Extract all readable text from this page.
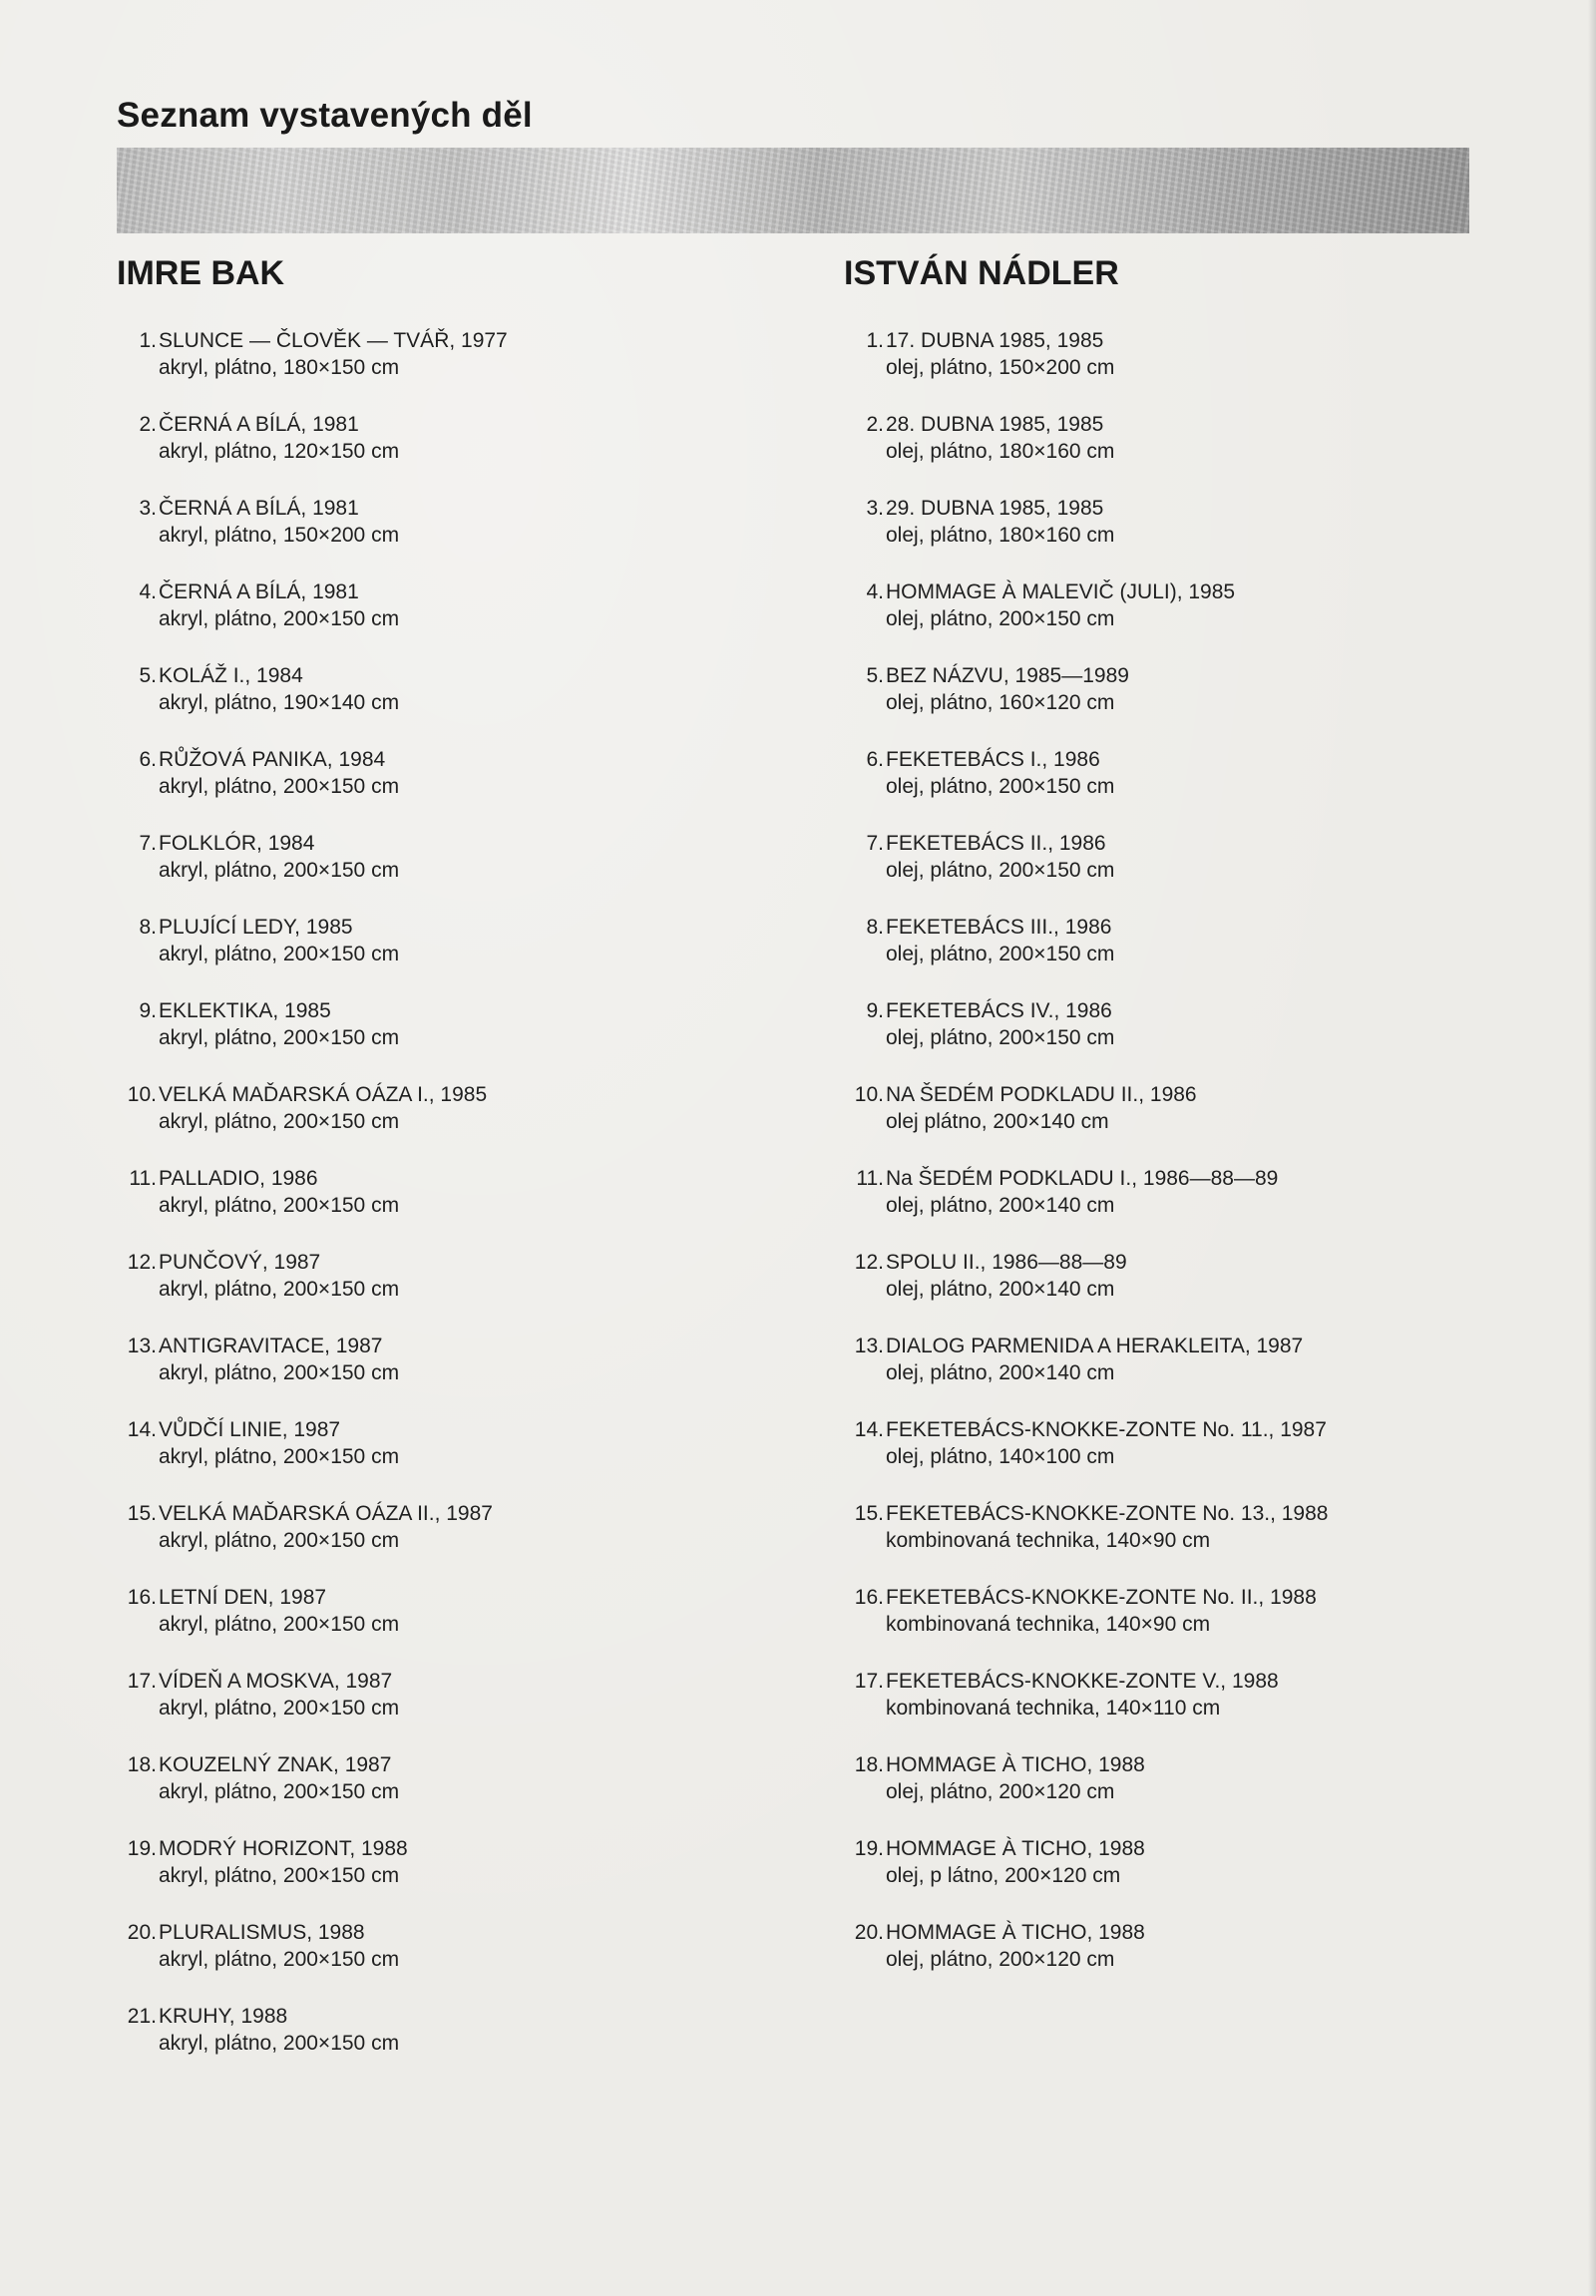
Seznam vystavených děl
IMRE BAK
1. SLUNCE — ČLOVĚK — TVÁŘ, 1977
akryl, plátno, 180×150 cm
2. ČERNÁ A BÍLÁ, 1981
akryl, plátno, 120×150 cm
3. ČERNÁ A BÍLÁ, 1981
akryl, plátno, 150×200 cm
4. ČERNÁ A BÍLÁ, 1981
akryl, plátno, 200×150 cm
5. KOLÁŽ I., 1984
akryl, plátno, 190×140 cm
6. RŮŽOVÁ PANIKA, 1984
akryl, plátno, 200×150 cm
7. FOLKLÓR, 1984
akryl, plátno, 200×150 cm
8. PLUJÍCÍ LEDY, 1985
akryl, plátno, 200×150 cm
9. EKLEKTIKA, 1985
akryl, plátno, 200×150 cm
10. VELKÁ MAĎARSKÁ OÁZA I., 1985
akryl, plátno, 200×150 cm
11. PALLADIO, 1986
akryl, plátno, 200×150 cm
12. PUNČOVÝ, 1987
akryl, plátno, 200×150 cm
13. ANTIGRAVITACE, 1987
akryl, plátno, 200×150 cm
14. VŮDČÍ LINIE, 1987
akryl, plátno, 200×150 cm
15. VELKÁ MAĎARSKÁ OÁZA II., 1987
akryl, plátno, 200×150 cm
16. LETNÍ DEN, 1987
akryl, plátno, 200×150 cm
17. VÍDEŇ A MOSKVA, 1987
akryl, plátno, 200×150 cm
18. KOUZELNÝ ZNAK, 1987
akryl, plátno, 200×150 cm
19. MODRÝ HORIZONT, 1988
akryl, plátno, 200×150 cm
20. PLURALISMUS, 1988
akryl, plátno, 200×150 cm
21. KRUHY, 1988
akryl, plátno, 200×150 cm
ISTVÁN NÁDLER
1. 17. DUBNA 1985, 1985
olej, plátno, 150×200 cm
2. 28. DUBNA 1985, 1985
olej, plátno, 180×160 cm
3. 29. DUBNA 1985, 1985
olej, plátno, 180×160 cm
4. HOMMAGE À MALEVIČ (JULI), 1985
olej, plátno, 200×150 cm
5. BEZ NÁZVU, 1985—1989
olej, plátno, 160×120 cm
6. FEKETEBÁCS I., 1986
olej, plátno, 200×150 cm
7. FEKETEBÁCS II., 1986
olej, plátno, 200×150 cm
8. FEKETEBÁCS III., 1986
olej, plátno, 200×150 cm
9. FEKETEBÁCS IV., 1986
olej, plátno, 200×150 cm
10. NA ŠEDÉM PODKLADU II., 1986
olej plátno, 200×140 cm
11. Na ŠEDÉM PODKLADU I., 1986—88—89
olej, plátno, 200×140 cm
12. SPOLU II., 1986—88—89
olej, plátno, 200×140 cm
13. DIALOG PARMENIDA A HERAKLEITA, 1987
olej, plátno, 200×140 cm
14. FEKETEBÁCS-KNOKKE-ZONTE No. 11., 1987
olej, plátno, 140×100 cm
15. FEKETEBÁCS-KNOKKE-ZONTE No. 13., 1988
kombinovaná technika, 140×90 cm
16. FEKETEBÁCS-KNOKKE-ZONTE No. II., 1988
kombinovaná technika, 140×90 cm
17. FEKETEBÁCS-KNOKKE-ZONTE V., 1988
kombinovaná technika, 140×110 cm
18. HOMMAGE À TICHO, 1988
olej, plátno, 200×120 cm
19. HOMMAGE À TICHO, 1988
olej, p látno, 200×120 cm
20. HOMMAGE À TICHO, 1988
olej, plátno, 200×120 cm
